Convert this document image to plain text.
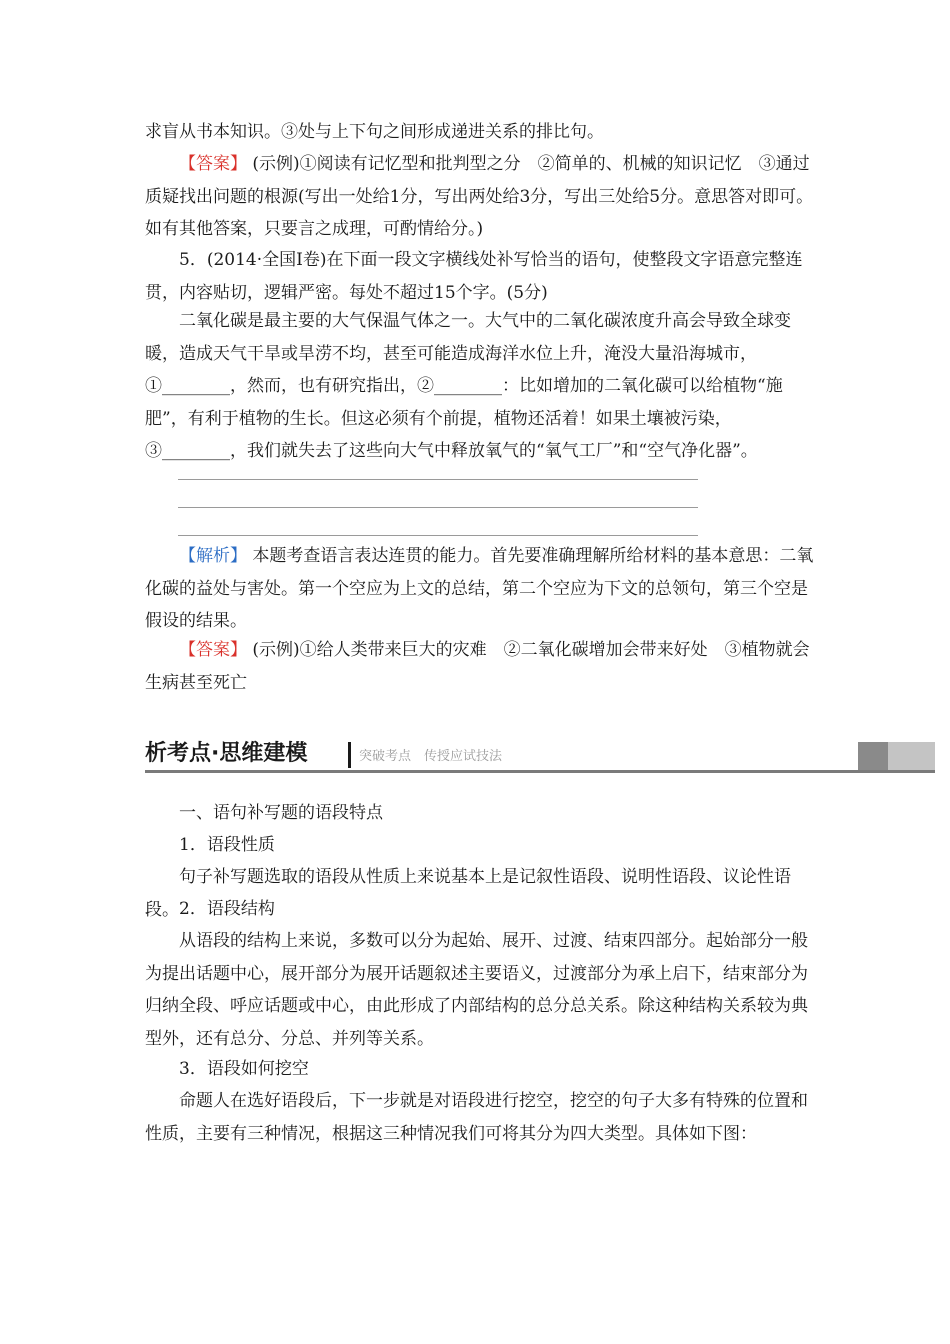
求盲从书本知识。③处与上下句之间形成递进关系的排比句。
【答案】 (示例)①阅读有记忆型和批判型之分　②简单的、机械的知识记忆　③通过质疑找出问题的根源(写出一处给1分，写出两处给3分，写出三处给5分。意思答对即可。如有其他答案，只要言之成理，可酌情给分。)
5．(2014·全国Ⅰ卷)在下面一段文字横线处补写恰当的语句，使整段文字语意完整连贯，内容贴切，逻辑严密。每处不超过15个字。(5分)
二氧化碳是最主要的大气保温气体之一。大气中的二氧化碳浓度升高会导致全球变暖，造成天气干旱或旱涝不均，甚至可能造成海洋水位上升，淹没大量沿海城市，①________，然而，也有研究指出，②________：比如增加的二氧化碳可以给植物“施肥”，有利于植物的生长。但这必须有个前提，植物还活着！如果土壤被污染，③________，我们就失去了这些向大气中释放氧气的“氧气工厂”和“空气净化器”。
【解析】 本题考查语言表达连贯的能力。首先要准确理解所给材料的基本意思：二氧化碳的益处与害处。第一个空应为上文的总结，第二个空应为下文的总领句，第三个空是假设的结果。
【答案】 (示例)①给人类带来巨大的灾难　②二氧化碳增加会带来好处　③植物就会生病甚至死亡
析考点·思维建模	突破考点　传授应试技法
一、语句补写题的语段特点
1．语段性质
句子补写题选取的语段从性质上来说基本上是记叙性语段、说明性语段、议论性语段。 2．语段结构
从语段的结构上来说，多数可以分为起始、展开、过渡、结束四部分。起始部分一般为提出话题中心，展开部分为展开话题叙述主要语义，过渡部分为承上启下，结束部分为归纳全段、呼应话题或中心，由此形成了内部结构的总分总关系。除这种结构关系较为典型外，还有总分、分总、并列等关系。
3．语段如何挖空
命题人在选好语段后，下一步就是对语段进行挖空，挖空的句子大多有特殊的位置和性质，主要有三种情况，根据这三种情况我们可将其分为四大类型。具体如下图：
